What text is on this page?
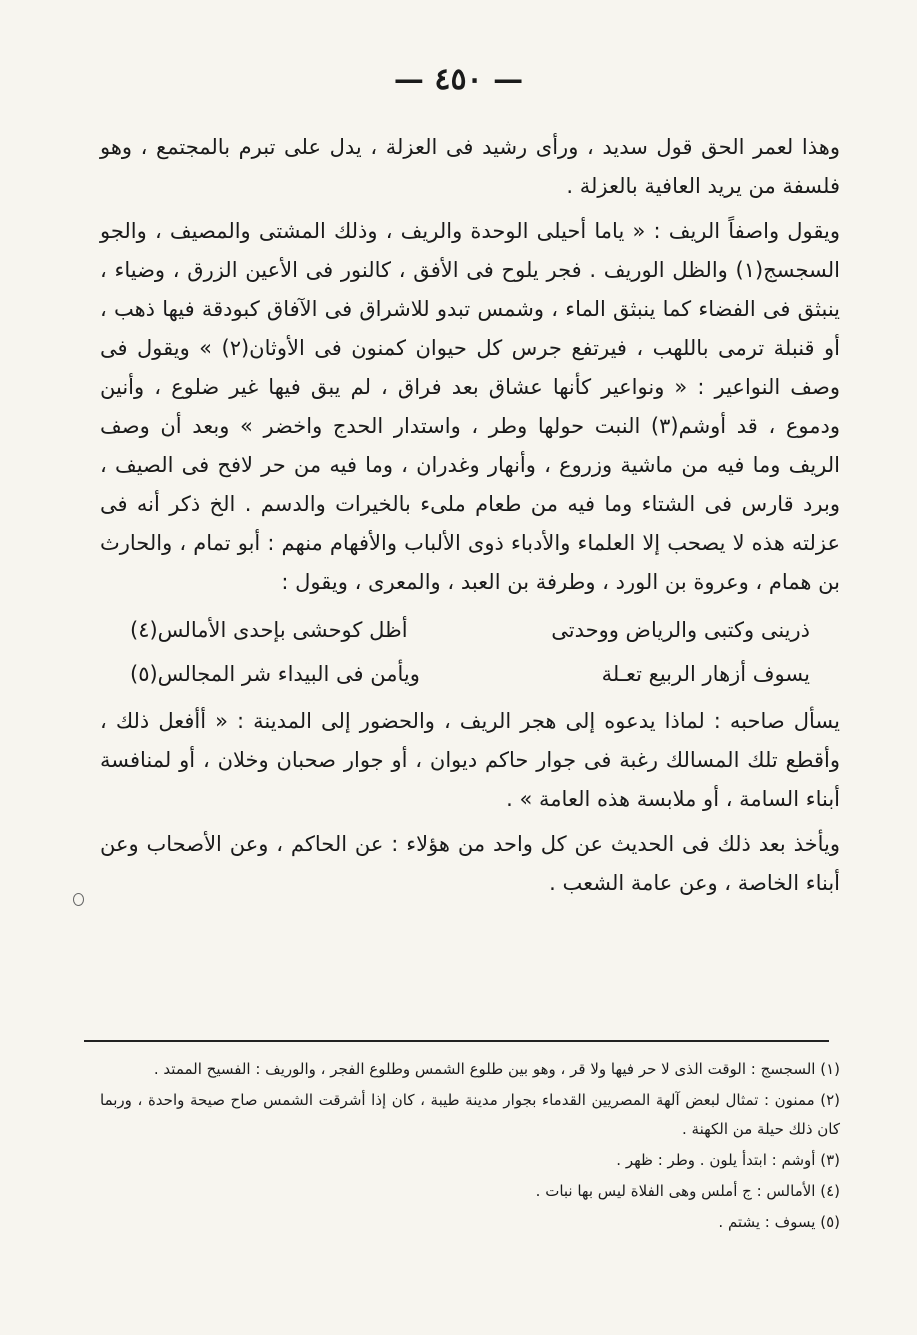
— ٤٥٠ —

وهذا لعمر الحق قول سديد ، ورأى رشيد فى العزلة ، يدل على تبرم بالمجتمع ، وهو فلسفة من يريد العافية بالعزلة .

ويقول واصفاً الريف : « ياما أحيلى الوحدة والريف ، وذلك المشتى والمصيف ، والجو السجسج(١) والظل الوريف . فجر يلوح فى الأفق ، كالنور فى الأعين الزرق ، وضياء ، ينبثق فى الفضاء كما ينبثق الماء ، وشمس تبدو للاشراق فى الآفاق كبودقة فيها ذهب ، أو قنبلة ترمى باللهب ، فيرتفع جرس كل حيوان كمنون فى الأوثان(٢) » ويقول فى وصف النواعير : « ونواعير كأنها عشاق بعد فراق ، لم يبق فيها غير ضلوع ، وأنين ودموع ، قد أوشم(٣) النبت حولها وطر ، واستدار الحدج واخضر » وبعد أن وصف الريف وما فيه من ماشية وزروع ، وأنهار وغدران ، وما فيه من حر لافح فى الصيف ، وبرد قارس فى الشتاء وما فيه من طعام ملىء بالخيرات والدسم . الخ ذكر أنه فى عزلته هذه لا يصحب إلا العلماء والأدباء ذوى الألباب والأفهام منهم : أبو تمام ، والحارث بن همام ، وعروة بن الورد ، وطرفة بن العبد ، والمعرى ، ويقول :

ذرينى وكتبى والرياض ووحدتى
أظل كوحشى بإحدى الأمالس(٤)
يسوف أزهار الربيع تعـلة
ويأمن فى البيداء شر المجالس(٥)

يسأل صاحبه : لماذا يدعوه إلى هجر الريف ، والحضور إلى المدينة : « أأفعل ذلك ، وأقطع تلك المسالك رغبة فى جوار حاكم ديوان ، أو جوار صحبان وخلان ، أو لمنافسة أبناء السامة ، أو ملابسة هذه العامة » .

ويأخذ بعد ذلك فى الحديث عن كل واحد من هؤلاء : عن الحاكم ، وعن الأصحاب وعن أبناء الخاصة ، وعن عامة الشعب .

(١) السجسج : الوقت الذى لا حر فيها ولا قر ، وهو بين طلوع الشمس وطلوع الفجر ، والوريف : الفسيح الممتد .

(٢) ممنون : تمثال لبعض آلهة المصريين القدماء بجوار مدينة طيبة ، كان إذا أشرقت الشمس صاح صيحة واحدة ، وربما كان ذلك حيلة من الكهنة .

(٣) أوشم : ابتدأ يلون . وطر : ظهر .

(٤) الأمالس : ج أملس وهى الفلاة ليس بها نبات .

(٥) يسوف : يشتم .
